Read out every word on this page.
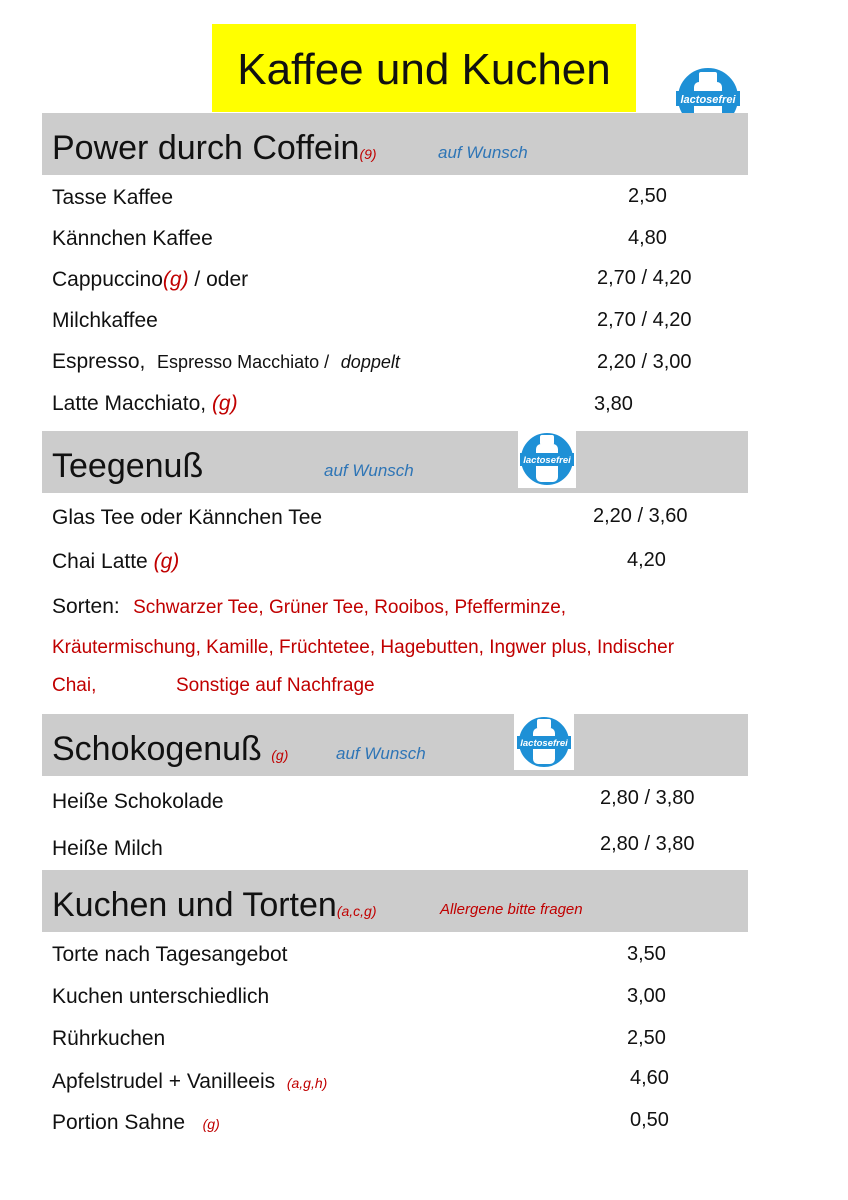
Kaffee und Kuchen
lactosefrei
Power durch Coffein(9)	auf Wunsch
Tasse Kaffee	2,50
Kännchen Kaffee	4,80
Cappuccino(g) / oder	2,70 / 4,20
Milchkaffee	2,70 / 4,20
Espresso, Espresso Macchiato / doppelt	2,20 / 3,00
Latte Macchiato, (g)	3,80
Teegenuß	auf Wunsch
lactosefrei
Glas Tee oder Kännchen Tee	2,20 / 3,60
Chai Latte (g)	4,20
Sorten: Schwarzer Tee, Grüner Tee, Rooibos, Pfefferminze,
Kräutermischung, Kamille, Früchtetee, Hagebutten, Ingwer plus, Indischer
Chai,	Sonstige auf Nachfrage
Schokogenuß (g)	auf Wunsch
lactosefrei
Heiße Schokolade	2,80 / 3,80
Heiße Milch	2,80 / 3,80
Kuchen und Torten(a,c,g)	Allergene bitte fragen
Torte nach Tagesangebot	3,50
Kuchen unterschiedlich	3,00
Rührkuchen	2,50
Apfelstrudel + Vanilleeis (a,g,h)	4,60
Portion Sahne (g)	0,50
